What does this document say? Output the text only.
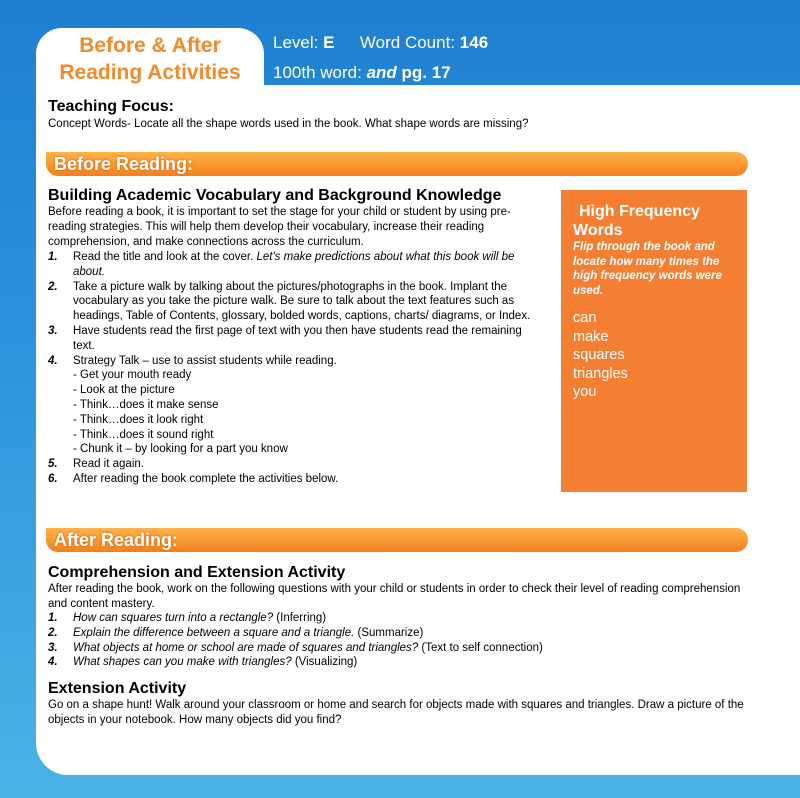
Before & After
Reading Activities
Level: E Word Count: 146
100th word: and pg. 17
Teaching Focus:
Concept Words- Locate all the shape words used in the book. What shape words are missing?
Before Reading:
Building Academic Vocabulary and Background Knowledge
Before reading a book, it is important to set the stage for your child or student by using pre-reading strategies. This will help them develop their vocabulary, increase their reading comprehension, and make connections across the curriculum.
1. Read the title and look at the cover. Let's make predictions about what this book will be about.
2. Take a picture walk by talking about the pictures/photographs in the book. Implant the vocabulary as you take the picture walk. Be sure to talk about the text features such as headings, Table of Contents, glossary, bolded words, captions, charts/ diagrams, or Index.
3. Have students read the first page of text with you then have students read the remaining text.
4. Strategy Talk – use to assist students while reading.
- Get your mouth ready
- Look at the picture
- Think…does it make sense
- Think…does it look right
- Think…does it sound right
- Chunk it – by looking for a part you know
5. Read it again.
6. After reading the book complete the activities below.
High Frequency
Words
Flip through the book and locate how many times the high frequency words were used.
can
make
squares
triangles
you
After Reading:
Comprehension and Extension Activity
After reading the book, work on the following questions with your child or students in order to check their level of reading comprehension and content mastery.
1. How can squares turn into a rectangle? (Inferring)
2. Explain the difference between a square and a triangle. (Summarize)
3. What objects at home or school are made of squares and triangles? (Text to self connection)
4. What shapes can you make with triangles? (Visualizing)
Extension Activity
Go on a shape hunt! Walk around your classroom or home and search for objects made with squares and triangles. Draw a picture of the objects in your notebook. How many objects did you find?
